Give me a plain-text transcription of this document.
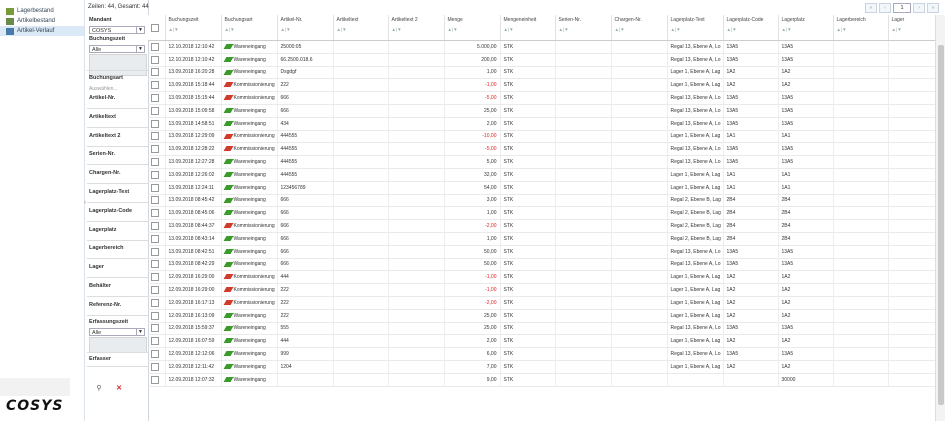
Lagerbestand
Artikelbestand
Artikel-Verlauf
COSYS
‹
Mandant
COSYS	▼
Buchungszeit
Alle	▼
Buchungsart
Auswählen...
Artikel-Nr.
Artikeltext
Artikeltext 2
Serien-Nr.
Chargen-Nr.
Lagerplatz-Text
Lagerplatz-Code
Lagerplatz
Lagerbereich
Lager
Behälter
Referenz-Nr.
Erfassungszeit
Alle	▼
Erfasser
⚲	✕
Zeilen: 44, Gesamt: 44	«	‹	1	›	»
	Buchungszeit
▲|▼	Buchungsart
▲|▼	Artikel-Nr.
▲|▼	Artikeltext
▲|▼	Artikeltext 2
▲|▼	Menge
▲|▼	Mengeneinheit
▲|▼	Serien-Nr.
▲|▼	Chargen-Nr.
▲|▼	Lagerplatz-Text
▲|▼	Lagerplatz-Code
▲|▼	Lagerplatz
▲|▼	Lagerbereich
▲|▼	Lager
▲|▼

	12.10.2018 12:10:42	Wareneingang	25000:05			5.000,00	STK			Regal 13, Ebene A, Lo	13A5	13A5		
	12.10.2018 12:10:42	Wareneingang	66.2500.018.6			200,00	STK			Regal 13, Ebene A, Lo	13A5	13A5		
	13.09.2018 16:20:28	Wareneingang	Dsgdgf			1,00	STK			Lager 1, Ebene A, Lag	1A2	1A2		
	13.09.2018 15:18:44	Kommissionierung	222			-1,00	STK			Lager 1, Ebene A, Lag	1A2	1A2		
	13.09.2018 15:15:44	Kommissionierung	666			-5,00	STK			Regal 13, Ebene A, Lo	13A5	13A5		
	13.09.2018 15:09:58	Wareneingang	666			25,00	STK			Regal 13, Ebene A, Lo	13A5	13A5		
	13.09.2018 14:58:51	Wareneingang	434			2,00	STK			Regal 13, Ebene A, Lo	13A5	13A5		
	13.09.2018 12:29:09	Kommissionierung	444555			-10,00	STK			Lager 1, Ebene A, Lag	1A1	1A1		
	13.09.2018 12:28:22	Kommissionierung	444555			-5,00	STK			Regal 13, Ebene A, Lo	13A5	13A5		
	13.09.2018 12:27:28	Wareneingang	444555			5,00	STK			Regal 13, Ebene A, Lo	13A5	13A5		
	13.09.2018 12:26:02	Wareneingang	444555			32,00	STK			Lager 1, Ebene A, Lag	1A1	1A1		
	13.09.2018 12:24:11	Wareneingang	123456789			54,00	STK			Lager 1, Ebene A, Lag	1A1	1A1		
	13.09.2018 08:45:42	Wareneingang	666			3,00	STK			Regal 2, Ebene B, Lag	2B4	2B4		
	13.09.2018 08:45:06	Wareneingang	666			1,00	STK			Regal 2, Ebene B, Lag	2B4	2B4		
	13.09.2018 08:44:37	Kommissionierung	666			-2,00	STK			Regal 2, Ebene B, Lag	2B4	2B4		
	13.09.2018 08:43:14	Wareneingang	666			1,00	STK			Regal 2, Ebene B, Lag	2B4	2B4		
	13.09.2018 08:42:51	Wareneingang	666			50,00	STK			Regal 13, Ebene A, Lo	13A5	13A5		
	13.09.2018 08:42:29	Wareneingang	666			50,00	STK			Regal 13, Ebene A, Lo	13A5	13A5		
	12.09.2018 16:29:00	Kommissionierung	444			-1,00	STK			Lager 1, Ebene A, Lag	1A2	1A2		
	12.09.2018 16:29:00	Kommissionierung	222			-1,00	STK			Lager 1, Ebene A, Lag	1A2	1A2		
	12.09.2018 16:17:13	Kommissionierung	222			-2,00	STK			Lager 1, Ebene A, Lag	1A2	1A2		
	12.09.2018 16:13:09	Wareneingang	222			25,00	STK			Lager 1, Ebene A, Lag	1A2	1A2		
	12.09.2018 15:59:37	Wareneingang	555			25,00	STK			Regal 13, Ebene A, Lo	13A5	13A5		
	12.09.2018 16:07:59	Wareneingang	444			2,00	STK			Lager 1, Ebene A, Lag	1A2	1A2		
	12.09.2018 12:12:06	Wareneingang	999			6,00	STK			Regal 13, Ebene A, Lo	13A5	13A5		
	12.09.2018 12:11:42	Wareneingang	1204			7,00	STK			Lager 1, Ebene A, Lag	1A2	1A2		
	12.09.2018 12:07:32	Wareneingang				9,00	STK					30000		
